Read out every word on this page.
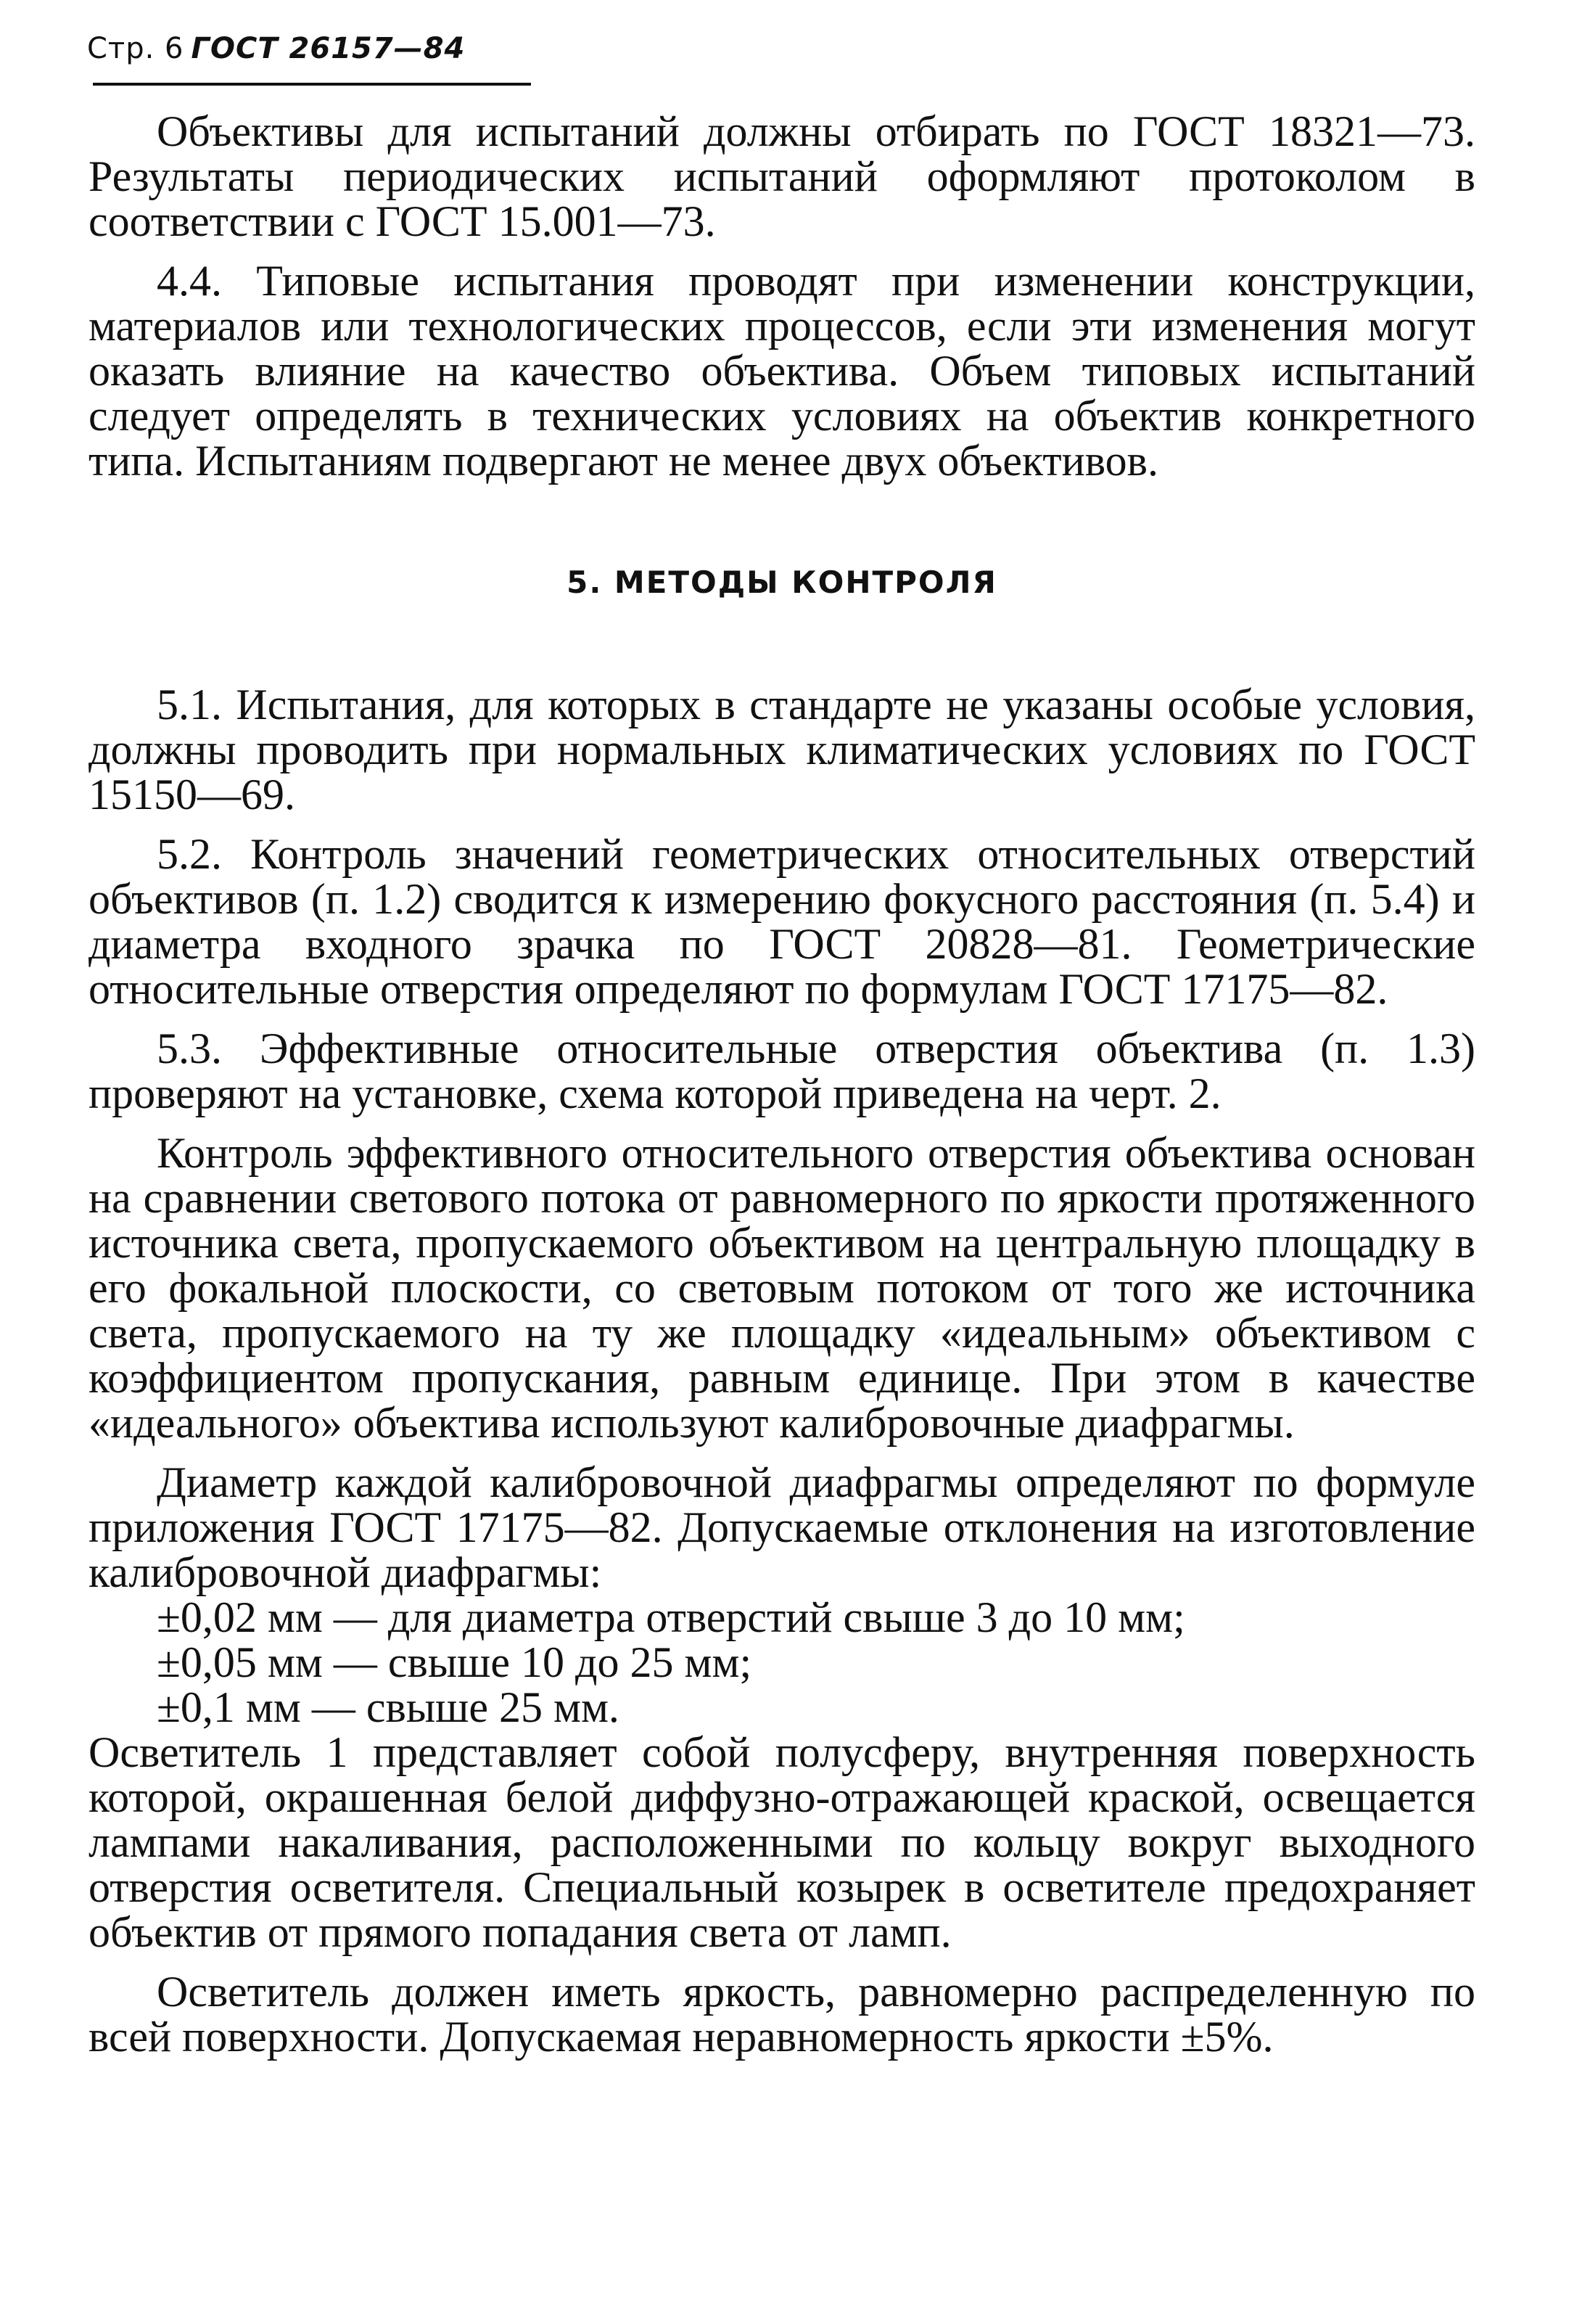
Стр. 6 ГОСТ 26157—84

Объективы для испытаний должны отбирать по ГОСТ 18321—73. Результаты периодических испытаний оформляют протоколом в соответствии с ГОСТ 15.001—73.

4.4. Типовые испытания проводят при изменении конструкции, материалов или технологических процессов, если эти изменения могут оказать влияние на качество объектива. Объем типовых испытаний следует определять в технических условиях на объектив конкретного типа. Испытаниям подвергают не менее двух объективов.

5. МЕТОДЫ КОНТРОЛЯ

5.1. Испытания, для которых в стандарте не указаны особые условия, должны проводить при нормальных климатических условиях по ГОСТ 15150—69.

5.2. Контроль значений геометрических относительных отверстий объективов (п. 1.2) сводится к измерению фокусного расстояния (п. 5.4) и диаметра входного зрачка по ГОСТ 20828—81. Геометрические относительные отверстия определяют по формулам ГОСТ 17175—82.

5.3. Эффективные относительные отверстия объектива (п. 1.3) проверяют на установке, схема которой приведена на черт. 2.

Контроль эффективного относительного отверстия объектива основан на сравнении светового потока от равномерного по яркости протяженного источника света, пропускаемого объективом на центральную площадку в его фокальной плоскости, со световым потоком от того же источника света, пропускаемого на ту же площадку «идеальным» объективом с коэффициентом пропускания, равным единице. При этом в качестве «идеального» объектива используют калибровочные диафрагмы.

Диаметр каждой калибровочной диафрагмы определяют по формуле приложения ГОСТ 17175—82. Допускаемые отклонения на изготовление калибровочной диафрагмы:

±0,02 мм — для диаметра отверстий свыше 3 до 10 мм;

±0,05 мм — свыше 10 до 25 мм;

±0,1 мм — свыше 25 мм.

Осветитель 1 представляет собой полусферу, внутренняя поверхность которой, окрашенная белой диффузно-отражающей краской, освещается лампами накаливания, расположенными по кольцу вокруг выходного отверстия осветителя. Специальный козырек в осветителе предохраняет объектив от прямого попадания света от ламп.

Осветитель должен иметь яркость, равномерно распределенную по всей поверхности. Допускаемая неравномерность яркости ±5%.
